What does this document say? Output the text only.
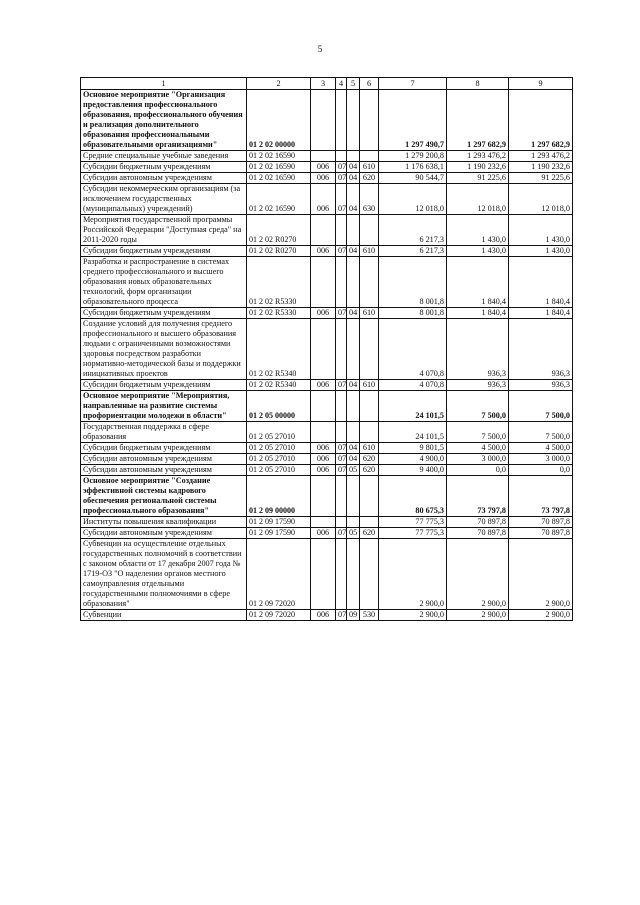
5
1	2	3	4	5	6	7	8	9
Основное мероприятие "Организация предоставления профессионального образования, профессионального обучения и реализация дополнительного образования профессиональными образовательными организациями"	01 2 02 00000					1 297 490,7	1 297 682,9	1 297 682,9
Средние специальные учебные заведения	01 2 02 16590					1 279 200,8	1 293 476,2	1 293 476,2
Субсидии бюджетным учреждениям	01 2 02 16590	006	07	04	610	1 176 638,1	1 190 232,6	1 190 232,6
Субсидии автономным учреждениям	01 2 02 16590	006	07	04	620	90 544,7	91 225,6	91 225,6
Субсидии некоммерческим организациям (за исключением государственных (муниципальных) учреждений)	01 2 02 16590	006	07	04	630	12 018,0	12 018,0	12 018,0
Мероприятия государственной программы Российской Федерации "Доступная среда" на 2011-2020 годы	01 2 02 R0270					6 217,3	1 430,0	1 430,0
Субсидии бюджетным учреждениям	01 2 02 R0270	006	07	04	610	6 217,3	1 430,0	1 430,0
Разработка и распространение в системах среднего профессионального и высшего образования новых образовательных технологий, форм организации образовательного процесса	01 2 02 R5330					8 001,8	1 840,4	1 840,4
Субсидии бюджетным учреждениям	01 2 02 R5330	006	07	04	610	8 001,8	1 840,4	1 840,4
Создание условий для получения среднего профессионального и высшего образования людьми с ограниченными возможностями здоровья посредством разработки нормативно-методической базы и поддержки инициативных проектов	01 2 02 R5340					4 070,8	936,3	936,3
Субсидии бюджетным учреждениям	01 2 02 R5340	006	07	04	610	4 070,8	936,3	936,3
Основное мероприятие "Мероприятия, направленные на развитие системы профориентации молодежи в области"	01 2 05 00000					24 101,5	7 500,0	7 500,0
Государственная поддержка в сфере образования	01 2 05 27010					24 101,5	7 500,0	7 500,0
Субсидии бюджетным учреждениям	01 2 05 27010	006	07	04	610	9 801,5	4 500,0	4 500,0
Субсидии автономным учреждениям	01 2 05 27010	006	07	04	620	4 900,0	3 000,0	3 000,0
Субсидии автономным учреждениям	01 2 05 27010	006	07	05	620	9 400,0	0,0	0,0
Основное мероприятие "Создание эффективной системы кадрового обеспечения региональной системы профессионального образования"	01 2 09 00000					80 675,3	73 797,8	73 797,8
Институты повышения квалификации	01 2 09 17590					77 775,3	70 897,8	70 897,8
Субсидии автономным учреждениям	01 2 09 17590	006	07	05	620	77 775,3	70 897,8	70 897,8
Субвенции на осуществление отдельных государственных полномочий в соответствии с законом области от 17 декабря 2007 года № 1719-ОЗ "О наделении органов местного самоуправления отдельными государственными полномочиями в сфере образования"	01 2 09 72020					2 900,0	2 900,0	2 900,0
Субвенции	01 2 09 72020	006	07	09	530	2 900,0	2 900,0	2 900,0
